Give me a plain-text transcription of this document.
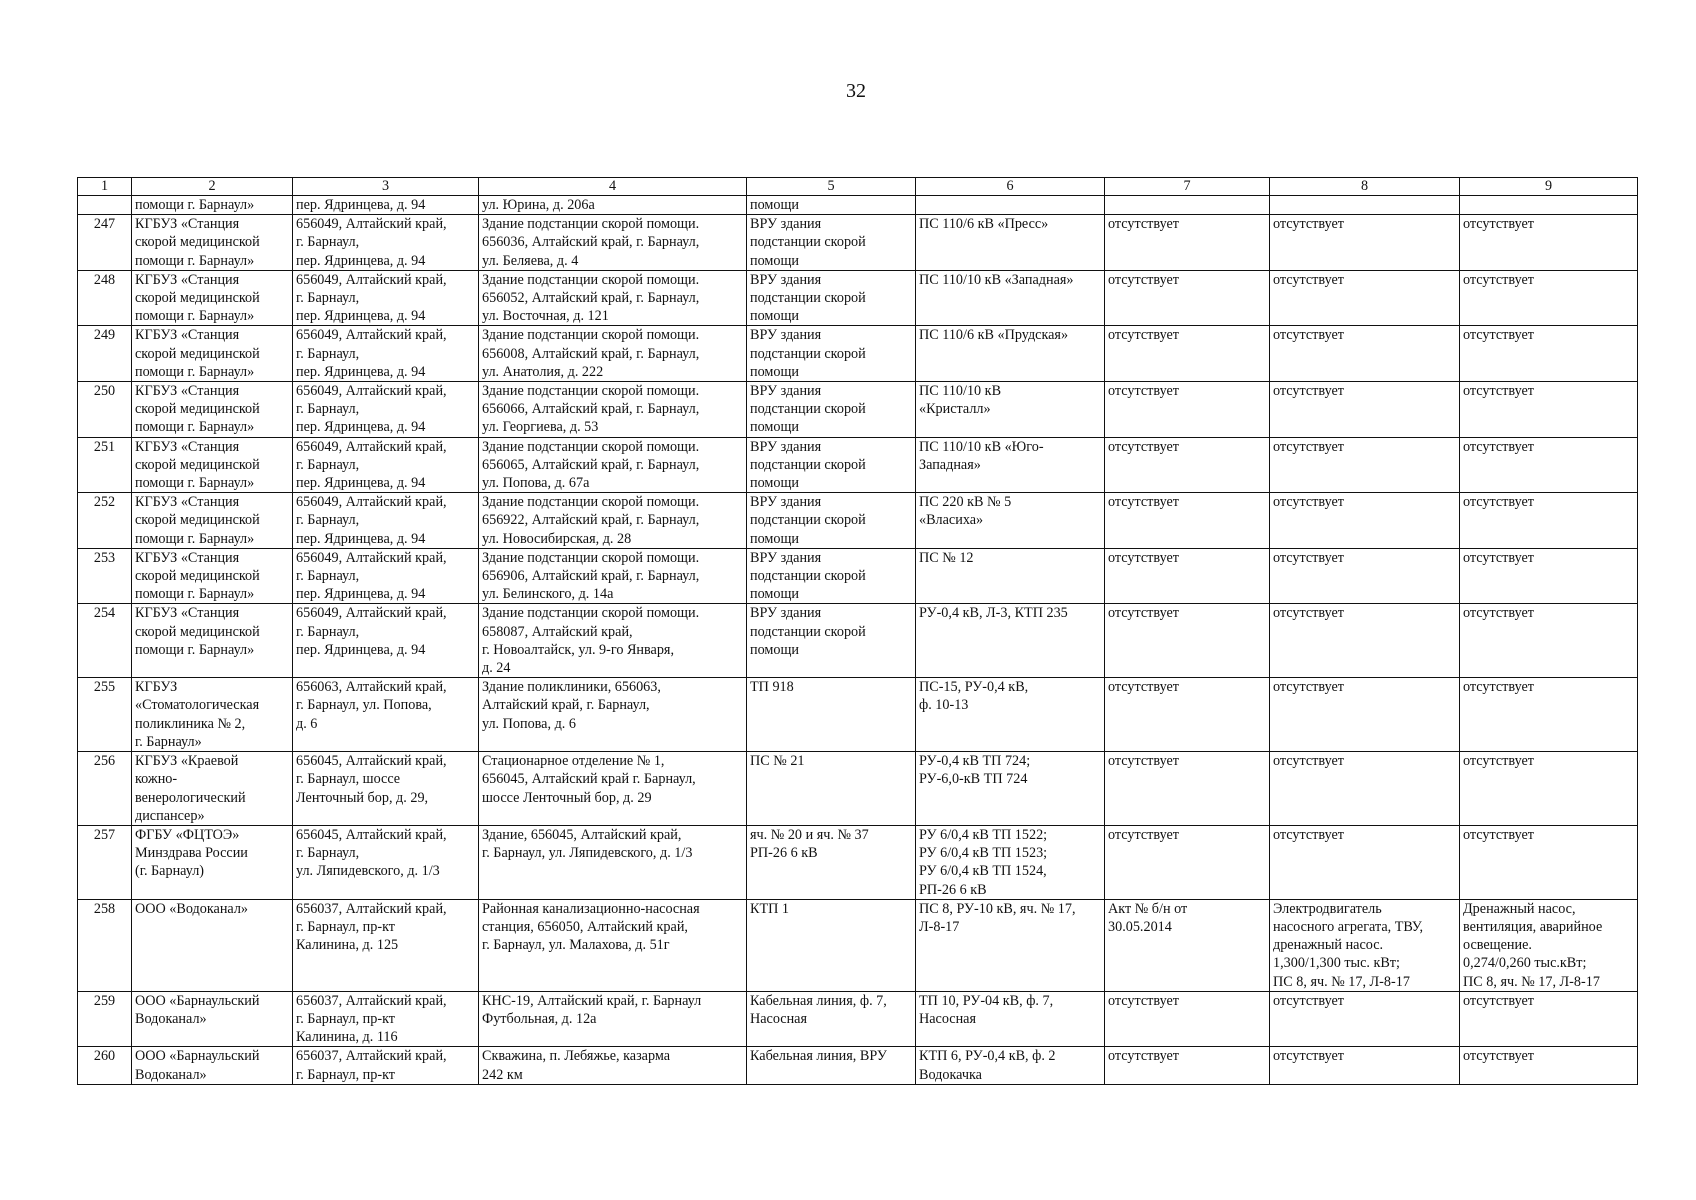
32
1	2	3	4	5	6	7	8	9

	помощи г. Барнаул»	пер. Ядринцева, д. 94	ул. Юрина, д. 206а	помощи				

247	КГБУЗ «Станция
скорой медицинской
помощи г. Барнаул»	656049, Алтайский край,
г. Барнаул,
пер. Ядринцева, д. 94	Здание подстанции скорой помощи.
656036, Алтайский край, г. Барнаул,
ул. Беляева, д. 4	ВРУ здания
подстанции скорой
помощи	ПС 110/6 кВ «Пресс»	отсутствует	отсутствует	отсутствует

248	КГБУЗ «Станция
скорой медицинской
помощи г. Барнаул»	656049, Алтайский край,
г. Барнаул,
пер. Ядринцева, д. 94	Здание подстанции скорой помощи.
656052, Алтайский край, г. Барнаул,
ул. Восточная, д. 121	ВРУ здания
подстанции скорой
помощи	ПС 110/10 кВ «Западная»	отсутствует	отсутствует	отсутствует

249	КГБУЗ «Станция
скорой медицинской
помощи г. Барнаул»	656049, Алтайский край,
г. Барнаул,
пер. Ядринцева, д. 94	Здание подстанции скорой помощи.
656008, Алтайский край, г. Барнаул,
ул. Анатолия, д. 222	ВРУ здания
подстанции скорой
помощи	ПС 110/6 кВ «Прудская»	отсутствует	отсутствует	отсутствует

250	КГБУЗ «Станция
скорой медицинской
помощи г. Барнаул»	656049, Алтайский край,
г. Барнаул,
пер. Ядринцева, д. 94	Здание подстанции скорой помощи.
656066, Алтайский край, г. Барнаул,
ул. Георгиева, д. 53	ВРУ здания
подстанции скорой
помощи	ПС 110/10 кВ
«Кристалл»	отсутствует	отсутствует	отсутствует

251	КГБУЗ «Станция
скорой медицинской
помощи г. Барнаул»	656049, Алтайский край,
г. Барнаул,
пер. Ядринцева, д. 94	Здание подстанции скорой помощи.
656065, Алтайский край, г. Барнаул,
ул. Попова, д. 67а	ВРУ здания
подстанции скорой
помощи	ПС 110/10 кВ «Юго-
Западная»	отсутствует	отсутствует	отсутствует

252	КГБУЗ «Станция
скорой медицинской
помощи г. Барнаул»	656049, Алтайский край,
г. Барнаул,
пер. Ядринцева, д. 94	Здание подстанции скорой помощи.
656922, Алтайский край, г. Барнаул,
ул. Новосибирская, д. 28	ВРУ здания
подстанции скорой
помощи	ПС 220 кВ № 5
«Власиха»	отсутствует	отсутствует	отсутствует

253	КГБУЗ «Станция
скорой медицинской
помощи г. Барнаул»	656049, Алтайский край,
г. Барнаул,
пер. Ядринцева, д. 94	Здание подстанции скорой помощи.
656906, Алтайский край, г. Барнаул,
ул. Белинского, д. 14а	ВРУ здания
подстанции скорой
помощи	ПС № 12	отсутствует	отсутствует	отсутствует

254	КГБУЗ «Станция
скорой медицинской
помощи г. Барнаул»	656049, Алтайский край,
г. Барнаул,
пер. Ядринцева, д. 94	Здание подстанции скорой помощи.
658087, Алтайский край,
г. Новоалтайск, ул. 9-го Января,
д. 24	ВРУ здания
подстанции скорой
помощи	РУ-0,4 кВ, Л-3, КТП 235	отсутствует	отсутствует	отсутствует

255	КГБУЗ
«Стоматологическая
поликлиника № 2,
г. Барнаул»	656063, Алтайский край,
г. Барнаул, ул. Попова,
д. 6	Здание поликлиники, 656063,
Алтайский край, г. Барнаул,
ул. Попова, д. 6	ТП 918	ПС-15, РУ-0,4 кВ,
ф. 10-13	отсутствует	отсутствует	отсутствует

256	КГБУЗ «Краевой
кожно-
венерологический
диспансер»	656045, Алтайский край,
г. Барнаул, шоссе
Ленточный бор, д. 29,	Стационарное отделение № 1,
656045, Алтайский край г. Барнаул,
шоссе Ленточный бор, д. 29	ПС № 21	РУ-0,4 кВ ТП 724;
РУ-6,0-кВ ТП 724	отсутствует	отсутствует	отсутствует

257	ФГБУ «ФЦТОЭ»
Минздрава России
(г. Барнаул)	656045, Алтайский край,
г. Барнаул,
ул. Ляпидевского, д. 1/3	Здание, 656045, Алтайский край,
г. Барнаул, ул. Ляпидевского, д. 1/3	яч. № 20 и яч. № 37
РП-26 6 кВ	РУ 6/0,4 кВ ТП 1522;
РУ 6/0,4 кВ ТП 1523;
РУ 6/0,4 кВ ТП 1524,
РП-26 6 кВ	отсутствует	отсутствует	отсутствует

258	ООО «Водоканал»	656037, Алтайский край,
г. Барнаул, пр-кт
Калинина, д. 125	Районная канализационно-насосная
станция, 656050, Алтайский край,
г. Барнаул, ул. Малахова, д. 51г	КТП 1	ПС 8, РУ-10 кВ, яч. № 17,
Л-8-17	Акт № б/н от
30.05.2014	Электродвигатель
насосного агрегата, ТВУ,
дренажный насос.
1,300/1,300 тыс. кВт;
ПС 8, яч. № 17, Л-8-17	Дренажный насос,
вентиляция, аварийное
освещение.
0,274/0,260 тыс.кВт;
ПС 8, яч. № 17, Л-8-17

259	ООО «Барнаульский
Водоканал»	656037, Алтайский край,
г. Барнаул, пр-кт
Калинина, д. 116	КНС-19, Алтайский край, г. Барнаул
Футбольная, д. 12а	Кабельная линия, ф. 7,
Насосная	ТП 10, РУ-04 кВ, ф. 7,
Насосная	отсутствует	отсутствует	отсутствует

260	ООО «Барнаульский
Водоканал»	656037, Алтайский край,
г. Барнаул, пр-кт	Скважина, п. Лебяжье, казарма
242 км	Кабельная линия, ВРУ	КТП 6, РУ-0,4 кВ, ф. 2
Водокачка	отсутствует	отсутствует	отсутствует
